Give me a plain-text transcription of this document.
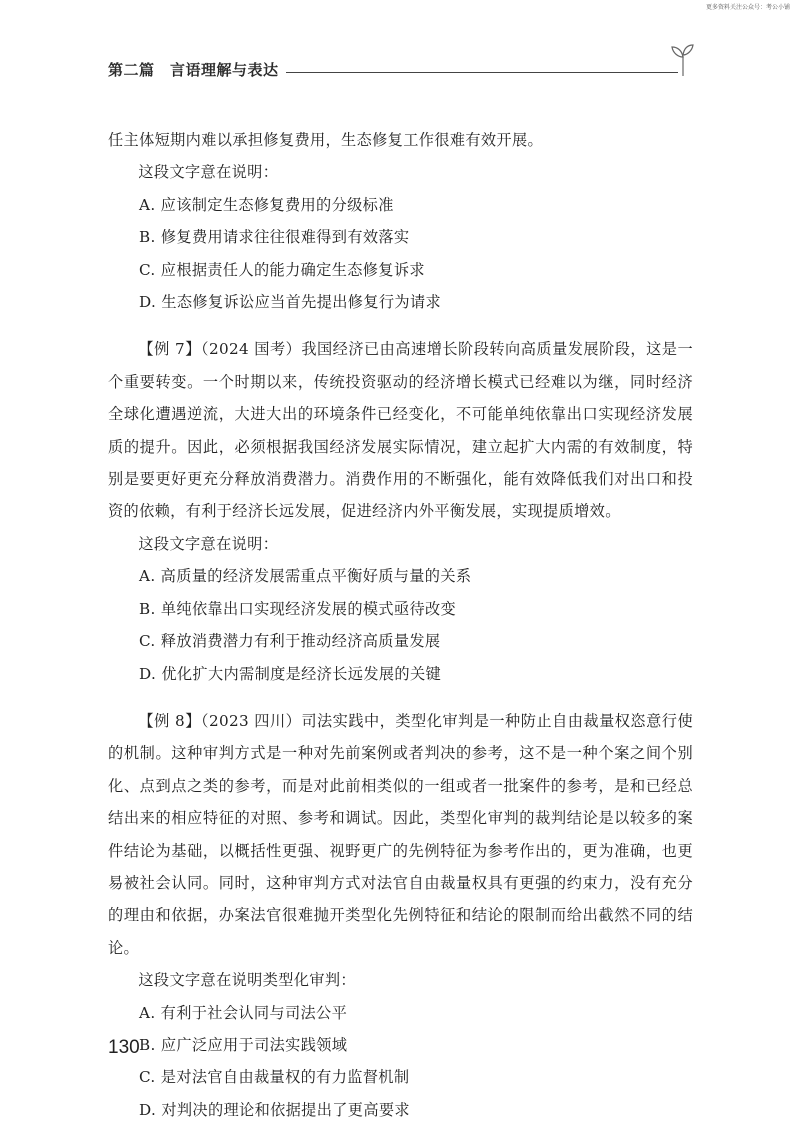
更多资料关注公众号：考公小铺
第二篇　言语理解与表达

任主体短期内难以承担修复费用，生态修复工作很难有效开展。

这段文字意在说明：

A. 应该制定生态修复费用的分级标准

B. 修复费用请求往往很难得到有效落实

C. 应根据责任人的能力确定生态修复诉求

D. 生态修复诉讼应当首先提出修复行为请求

【例 7】（2024 国考）我国经济已由高速增长阶段转向高质量发展阶段，这是一个重要转变。一个时期以来，传统投资驱动的经济增长模式已经难以为继，同时经济全球化遭遇逆流，大进大出的环境条件已经变化，不可能单纯依靠出口实现经济发展质的提升。因此，必须根据我国经济发展实际情况，建立起扩大内需的有效制度，特别是要更好更充分释放消费潜力。消费作用的不断强化，能有效降低我们对出口和投资的依赖，有利于经济长远发展，促进经济内外平衡发展，实现提质增效。

这段文字意在说明：

A. 高质量的经济发展需重点平衡好质与量的关系

B. 单纯依靠出口实现经济发展的模式亟待改变

C. 释放消费潜力有利于推动经济高质量发展

D. 优化扩大内需制度是经济长远发展的关键

【例 8】（2023 四川）司法实践中，类型化审判是一种防止自由裁量权恣意行使的机制。这种审判方式是一种对先前案例或者判决的参考，这不是一种个案之间个别化、点到点之类的参考，而是对此前相类似的一组或者一批案件的参考，是和已经总结出来的相应特征的对照、参考和调试。因此，类型化审判的裁判结论是以较多的案件结论为基础，以概括性更强、视野更广的先例特征为参考作出的，更为准确，也更易被社会认同。同时，这种审判方式对法官自由裁量权具有更强的约束力，没有充分的理由和依据，办案法官很难抛开类型化先例特征和结论的限制而给出截然不同的结论。

这段文字意在说明类型化审判：

A. 有利于社会认同与司法公平

B. 应广泛应用于司法实践领域

C. 是对法官自由裁量权的有力监督机制

D. 对判决的理论和依据提出了更高要求

130
